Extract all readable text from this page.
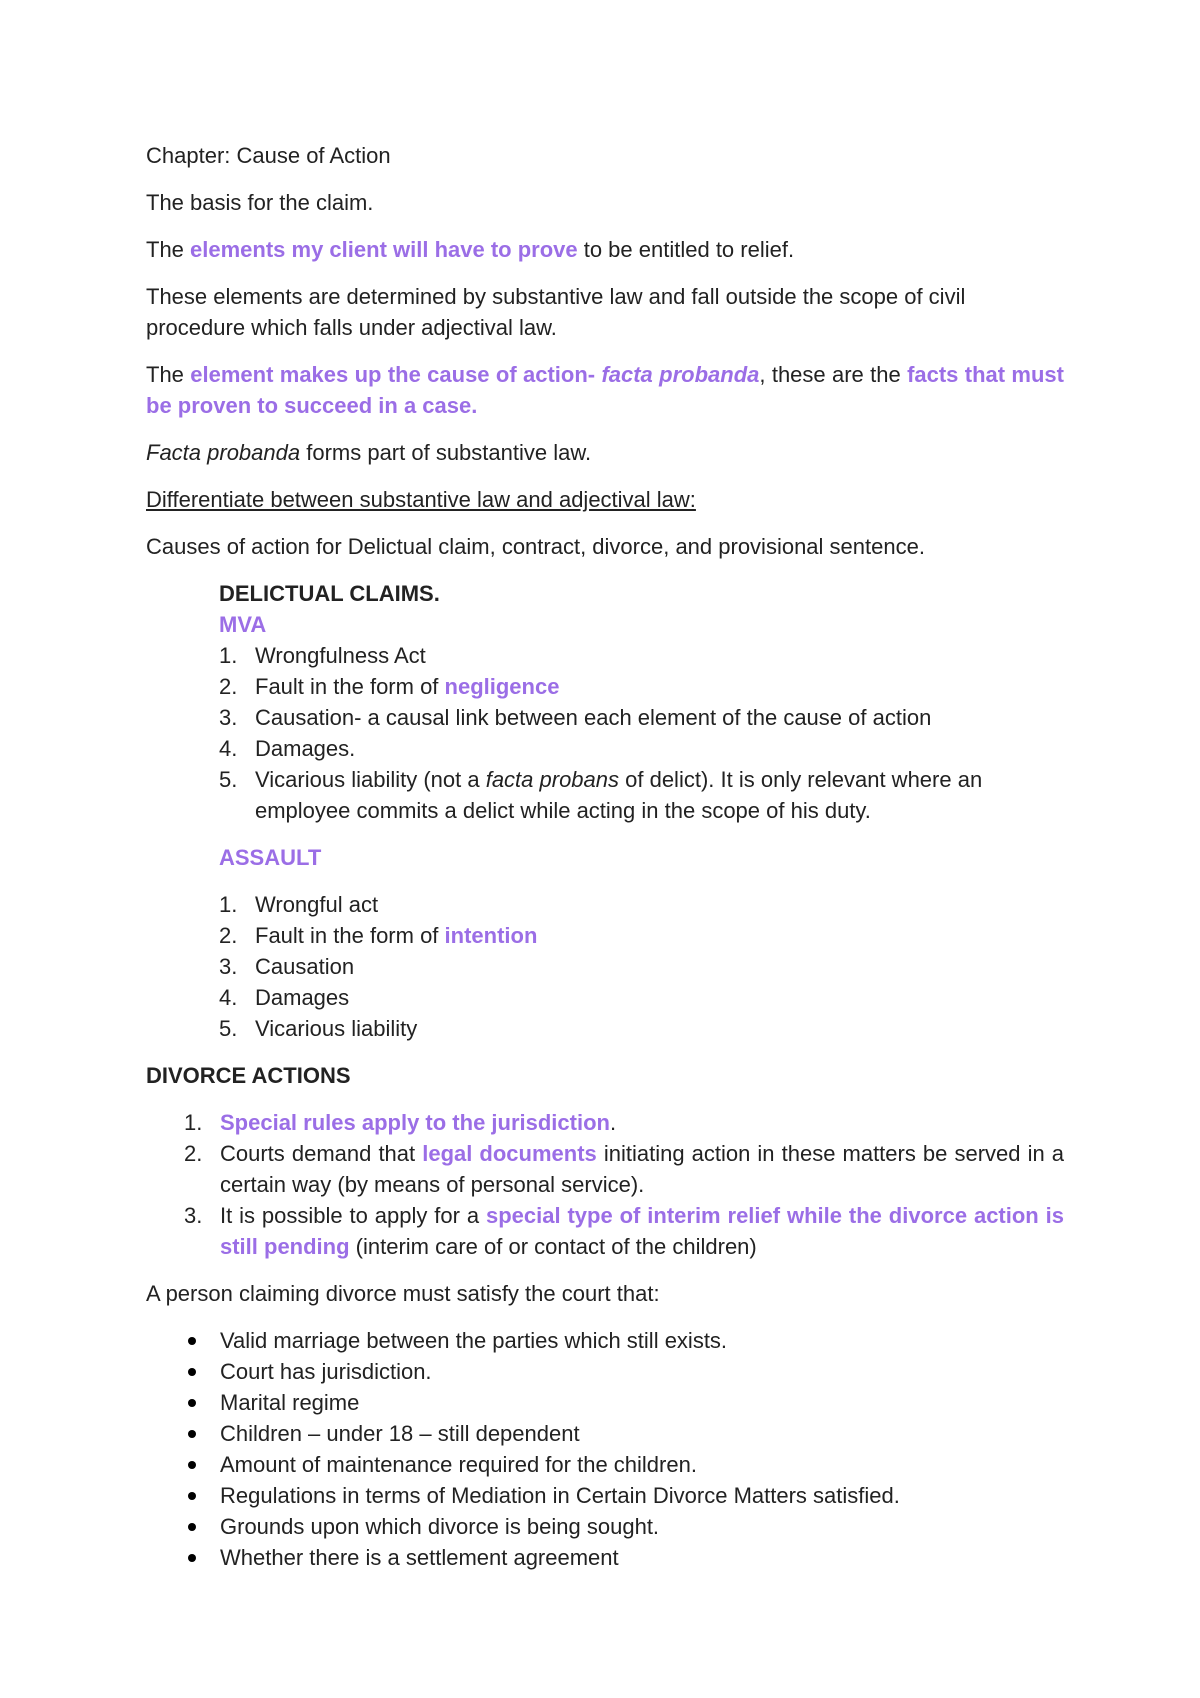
Chapter: Cause of Action

The basis for the claim.

The elements my client will have to prove to be entitled to relief.

These elements are determined by substantive law and fall outside the scope of civil procedure which falls under adjectival law.

The element makes up the cause of action- facta probanda, these are the facts that must be proven to succeed in a case.

Facta probanda forms part of substantive law.

Differentiate between substantive law and adjectival law:

Causes of action for Delictual claim, contract, divorce, and provisional sentence.

DELICTUAL CLAIMS.
MVA
1. Wrongfulness Act
2. Fault in the form of negligence
3. Causation- a causal link between each element of the cause of action
4. Damages.
5. Vicarious liability (not a facta probans of delict). It is only relevant where an employee commits a delict while acting in the scope of his duty.

ASSAULT

1. Wrongful act
2. Fault in the form of intention
3. Causation
4. Damages
5. Vicarious liability

DIVORCE ACTIONS

1. Special rules apply to the jurisdiction.
2. Courts demand that legal documents initiating action in these matters be served in a certain way (by means of personal service).
3. It is possible to apply for a special type of interim relief while the divorce action is still pending (interim care of or contact of the children)

A person claiming divorce must satisfy the court that:

Valid marriage between the parties which still exists.
Court has jurisdiction.
Marital regime
Children – under 18 – still dependent
Amount of maintenance required for the children.
Regulations in terms of Mediation in Certain Divorce Matters satisfied.
Grounds upon which divorce is being sought.
Whether there is a settlement agreement
